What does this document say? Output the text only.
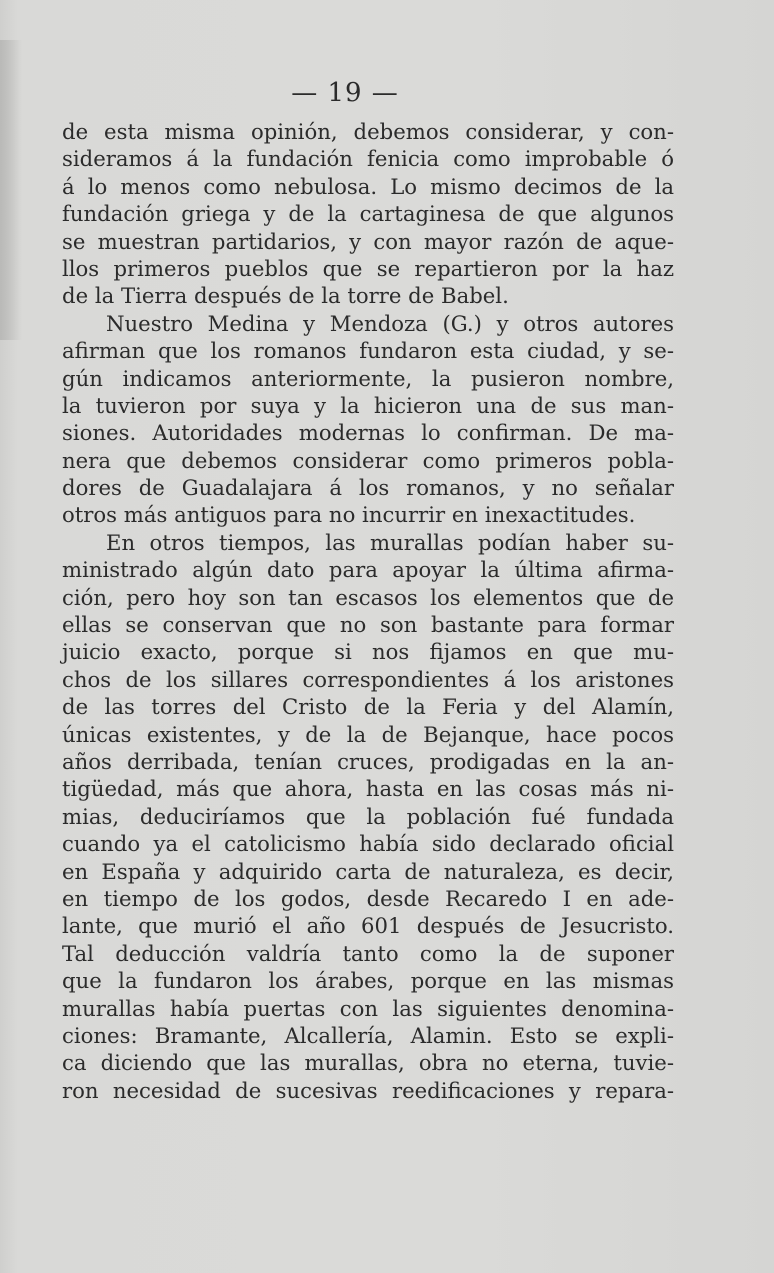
— 19 —
de esta misma opinión, debemos considerar, y con-
sideramos á la fundación fenicia como improbable ó
á lo menos como nebulosa. Lo mismo decimos de la
fundación griega y de la cartaginesa de que algunos
se muestran partidarios, y con mayor razón de aque-
llos primeros pueblos que se repartieron por la haz
de la Tierra después de la torre de Babel.
Nuestro Medina y Mendoza (G.) y otros autores
afirman que los romanos fundaron esta ciudad, y se-
gún indicamos anteriormente, la pusieron nombre,
la tuvieron por suya y la hicieron una de sus man-
siones. Autoridades modernas lo confirman. De ma-
nera que debemos considerar como primeros pobla-
dores de Guadalajara á los romanos, y no señalar
otros más antiguos para no incurrir en inexactitudes.
En otros tiempos, las murallas podían haber su-
ministrado algún dato para apoyar la última afirma-
ción, pero hoy son tan escasos los elementos que de
ellas se conservan que no son bastante para formar
juicio exacto, porque si nos fijamos en que mu-
chos de los sillares correspondientes á los aristones
de las torres del Cristo de la Feria y del Alamín,
únicas existentes, y de la de Bejanque, hace pocos
años derribada, tenían cruces, prodigadas en la an-
tigüedad, más que ahora, hasta en las cosas más ni-
mias, deduciríamos que la población fué fundada
cuando ya el catolicismo había sido declarado oficial
en España y adquirido carta de naturaleza, es decir,
en tiempo de los godos, desde Recaredo I en ade-
lante, que murió el año 601 después de Jesucristo.
Tal deducción valdría tanto como la de suponer
que la fundaron los árabes, porque en las mismas
murallas había puertas con las siguientes denomina-
ciones: Bramante, Alcallería, Alamin. Esto se expli-
ca diciendo que las murallas, obra no eterna, tuvie-
ron necesidad de sucesivas reedificaciones y repara-
